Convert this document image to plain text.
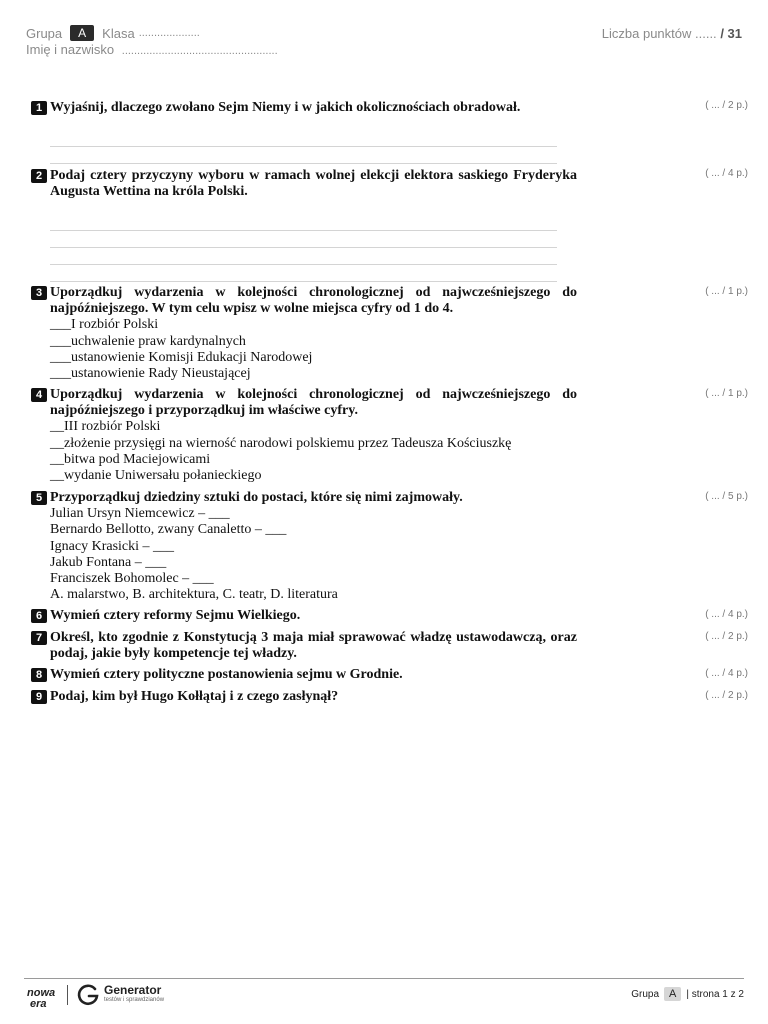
Grupa	A	Klasa ....................	Liczba punktów ...... / 31
Imię i nazwisko ...................................................
1 Wyjaśnij, dlaczego zwołano Sejm Niemy i w jakich okolicznościach obradował.	( ... / 2 p.)
2 Podaj cztery przyczyny wyboru w ramach wolnej elekcji elektora saskiego Fryderyka Augusta Wettina na króla Polski.
( ... / 4 p.)
3 Uporządkuj wydarzenia w kolejności chronologicznej od najwcześniejszego do najpóźniejszego. W tym celu wpisz w wolne miejsca cyfry od 1 do 4.
___I rozbiór Polski
___uchwalenie praw kardynalnych
___ustanowienie Komisji Edukacji Narodowej
___ustanowienie Rady Nieustającej
( ... / 1 p.)
4 Uporządkuj wydarzenia w kolejności chronologicznej od najwcześniejszego do najpóźniejszego i przyporządkuj im właściwe cyfry.
__III rozbiór Polski
__złożenie przysięgi na wierność narodowi polskiemu przez Tadeusza Kościuszkę
__bitwa pod Maciejowicami
__wydanie Uniwersału połanieckiego
( ... / 1 p.)
5 Przyporządkuj dziedziny sztuki do postaci, które się nimi zajmowały.
Julian Ursyn Niemcewicz – ___
Bernardo Bellotto, zwany Canaletto – ___
Ignacy Krasicki – ___
Jakub Fontana – ___
Franciszek Bohomolec – ___
A. malarstwo, B. architektura, C. teatr, D. literatura
( ... / 5 p.)
6 Wymień cztery reformy Sejmu Wielkiego.	( ... / 4 p.)
7 Określ, kto zgodnie z Konstytucją 3 maja miał sprawować władzę ustawodawczą, oraz podaj, jakie były kompetencje tej władzy.
( ... / 2 p.)
8 Wymień cztery polityczne postanowienia sejmu w Grodnie.	( ... / 4 p.)
9 Podaj, kim był Hugo Kołłątaj i z czego zasłynął?	( ... / 2 p.)
nowa
era
Generator
testów i sprawdzianów
Grupa A	| strona 1 z 2
